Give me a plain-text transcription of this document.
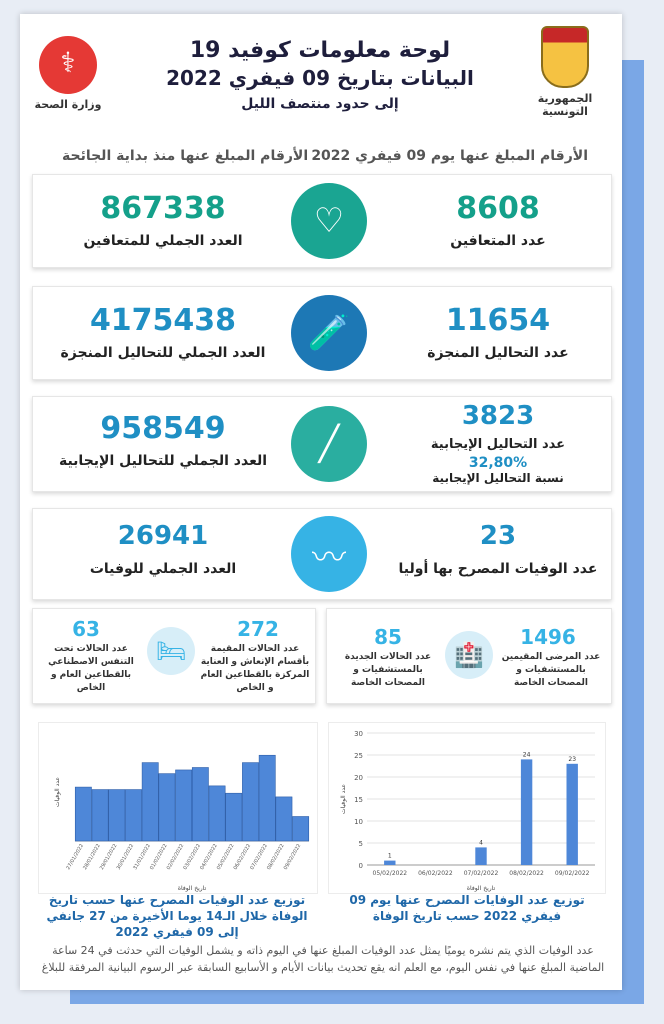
⚕
وزارة الصحة
لوحة معلومات كوفيد 19
البيانات بتاريخ 09 فيفري 2022
إلى حدود منتصف الليل	الجمهورية التونسية
الأرقام المبلغ عنها منذ بداية الجائحة الأرقام المبلغ عنها يوم 09 فيفري 2022
867338
العدد الجملي للمتعافين	♡	8608
عدد المتعافين
4175438
العدد الجملي للتحاليل المنجزة	🧪	11654
عدد التحاليل المنجزة
958549
العدد الجملي للتحاليل الإيجابية	╱
3823
عدد التحاليل الإيجابية
32,80%
نسبة التحاليل الإيجابية
26941
العدد الجملي للوفيات	〰
23
عدد الوفيات المصرح بها أوليا
63
عدد الحالات تحت التنفس الاصطناعي بالقطاعين العام و الخاص
🛏
272
عدد الحالات المقيمة بأقسام الإنعاش و العناية المركزة بالقطاعين العام و الخاص
85
عدد الحالات الجديدة بالمستشفيات و المصحات الخاصة
🏥
1496
عدد المرضى المقيمين بالمستشفيات و المصحات الخاصة
27/01/2022
28/01/2022
29/01/2022
30/01/2022
31/01/2022
01/02/2022
02/02/2022
03/02/2022
04/02/2022
05/02/2022
06/02/2022
07/02/2022
08/02/2022
09/02/2022
تاريخ الوفاة
عدد الوفيات
0
5
10
15
20
25
30
1
05/02/2022 06/02/2022
4
07/02/2022
24
08/02/2022
23
09/02/2022
تاريخ الوفاة
عدد الوفيات
توزيع عدد الوفيات المصرح عنها حسب تاريخ الوفاة خلال الـ14 يوما الأخيرة من 27 جانفي إلى 09 فيفري 2022
توزيع عدد الوفايات المصرح عنها يوم 09 فيفري 2022 حسب تاريخ الوفاة
عدد الوفيات الذي يتم نشره يوميًا يمثل عدد الوفيات المبلغ عنها في اليوم ذاته و يشمل الوفيات التي حدثت في 24 ساعة الماضية المبلغ عنها في نفس اليوم، مع العلم انه يقع تحديث بيانات الأيام و الأسابيع السابقة عبر الرسوم البيانية المرفقة للبلاغ
